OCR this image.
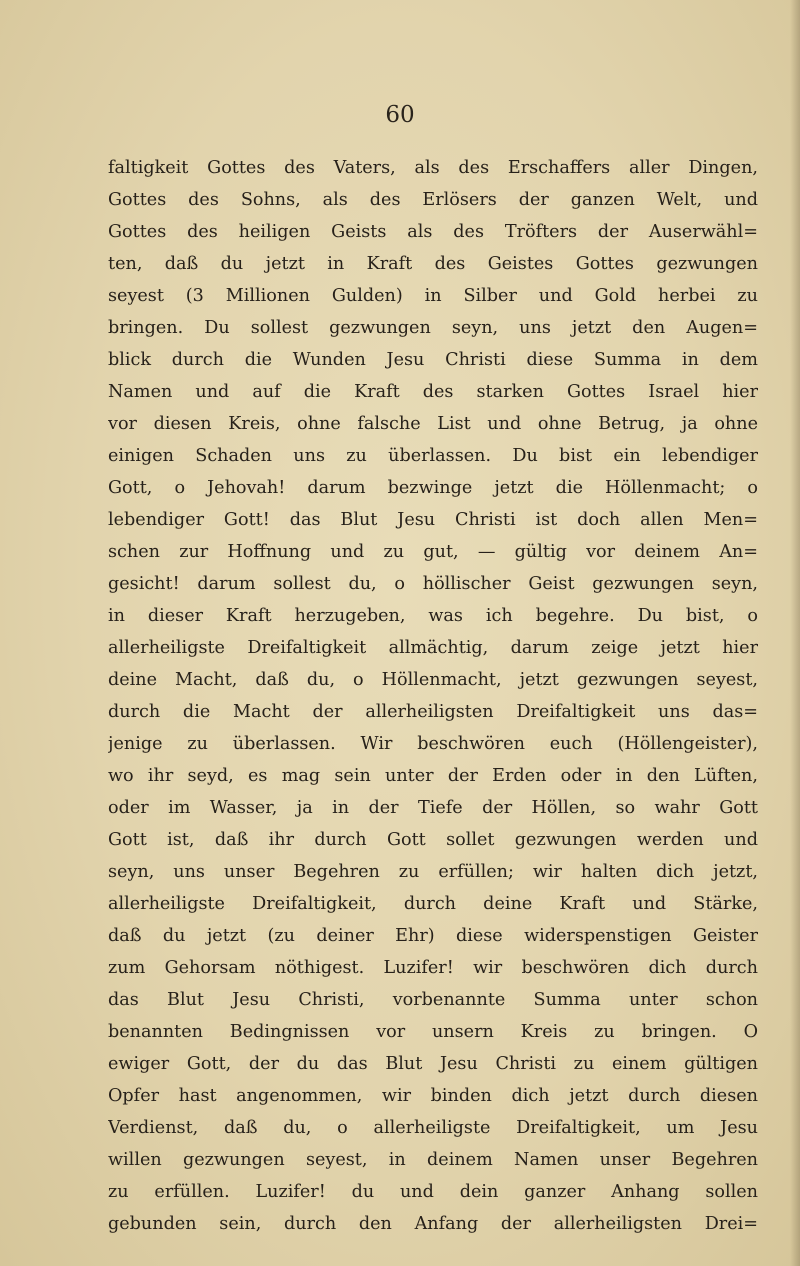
60
faltigkeit Gottes des Vaters, als des Erschaffers aller Dingen,
Gottes des Sohns, als des Erlösers der ganzen Welt, und
Gottes des heiligen Geists als des Tröfters der Auserwähl=
ten, daß du jetzt in Kraft des Geistes Gottes gezwungen
seyest (3 Millionen Gulden) in Silber und Gold herbei zu
bringen. Du sollest gezwungen seyn, uns jetzt den Augen=
blick durch die Wunden Jesu Christi diese Summa in dem
Namen und auf die Kraft des starken Gottes Israel hier
vor diesen Kreis, ohne falsche List und ohne Betrug, ja ohne
einigen Schaden uns zu überlassen. Du bist ein lebendiger
Gott, o Jehovah! darum bezwinge jetzt die Höllenmacht; o
lebendiger Gott! das Blut Jesu Christi ist doch allen Men=
schen zur Hoffnung und zu gut, — gültig vor deinem An=
gesicht! darum sollest du, o höllischer Geist gezwungen seyn,
in dieser Kraft herzugeben, was ich begehre. Du bist, o
allerheiligste Dreifaltigkeit allmächtig, darum zeige jetzt hier
deine Macht, daß du, o Höllenmacht, jetzt gezwungen seyest,
durch die Macht der allerheiligsten Dreifaltigkeit uns das=
jenige zu überlassen. Wir beschwören euch (Höllengeister),
wo ihr seyd, es mag sein unter der Erden oder in den Lüften,
oder im Wasser, ja in der Tiefe der Höllen, so wahr Gott
Gott ist, daß ihr durch Gott sollet gezwungen werden und
seyn, uns unser Begehren zu erfüllen; wir halten dich jetzt,
allerheiligste Dreifaltigkeit, durch deine Kraft und Stärke,
daß du jetzt (zu deiner Ehr) diese widerspenstigen Geister
zum Gehorsam nöthigest. Luzifer! wir beschwören dich durch
das Blut Jesu Christi, vorbenannte Summa unter schon
benannten Bedingnissen vor unsern Kreis zu bringen. O
ewiger Gott, der du das Blut Jesu Christi zu einem gültigen
Opfer hast angenommen, wir binden dich jetzt durch diesen
Verdienst, daß du, o allerheiligste Dreifaltigkeit, um Jesu
willen gezwungen seyest, in deinem Namen unser Begehren
zu erfüllen. Luzifer! du und dein ganzer Anhang sollen
gebunden sein, durch den Anfang der allerheiligsten Drei=
